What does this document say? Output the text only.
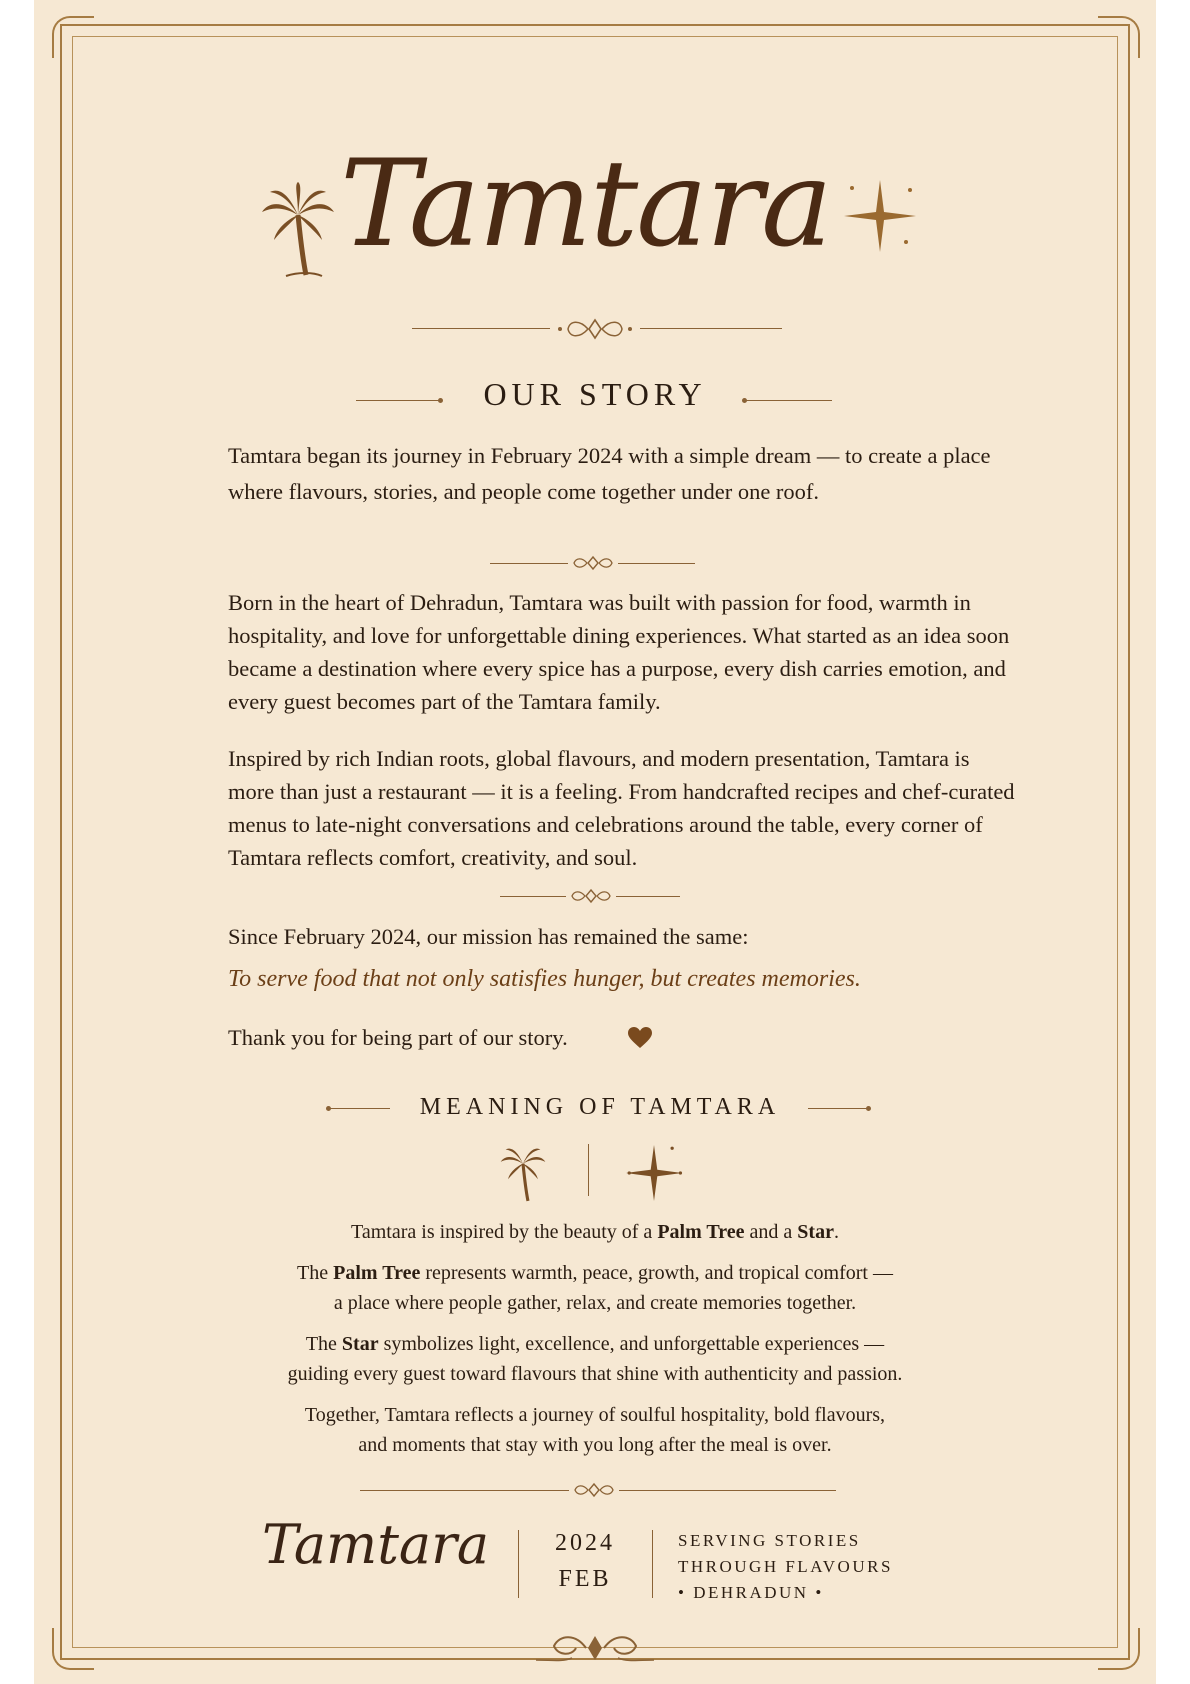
Tamtara
OUR STORY
Tamtara began its journey in February 2024 with a simple dream — to create a place where flavours, stories, and people come together under one roof.
Born in the heart of Dehradun, Tamtara was built with passion for food, warmth in hospitality, and love for unforgettable dining experiences. What started as an idea soon became a destination where every spice has a purpose, every dish carries emotion, and every guest becomes part of the Tamtara family.
Inspired by rich Indian roots, global flavours, and modern presentation, Tamtara is more than just a restaurant — it is a feeling. From handcrafted recipes and chef-curated menus to late-night conversations and celebrations around the table, every corner of Tamtara reflects comfort, creativity, and soul.
Since February 2024, our mission has remained the same:
To serve food that not only satisfies hunger, but creates memories.
Thank you for being part of our story.
MEANING OF TAMTARA
Tamtara is inspired by the beauty of a Palm Tree and a Star.
The Palm Tree represents warmth, peace, growth, and tropical comfort —
a place where people gather, relax, and create memories together.
The Star symbolizes light, excellence, and unforgettable experiences —
guiding every guest toward flavours that shine with authenticity and passion.
Together, Tamtara reflects a journey of soulful hospitality, bold flavours,
and moments that stay with you long after the meal is over.
Tamtara	2024
FEB
SERVING STORIES
THROUGH FLAVOURS
• DEHRADUN •
